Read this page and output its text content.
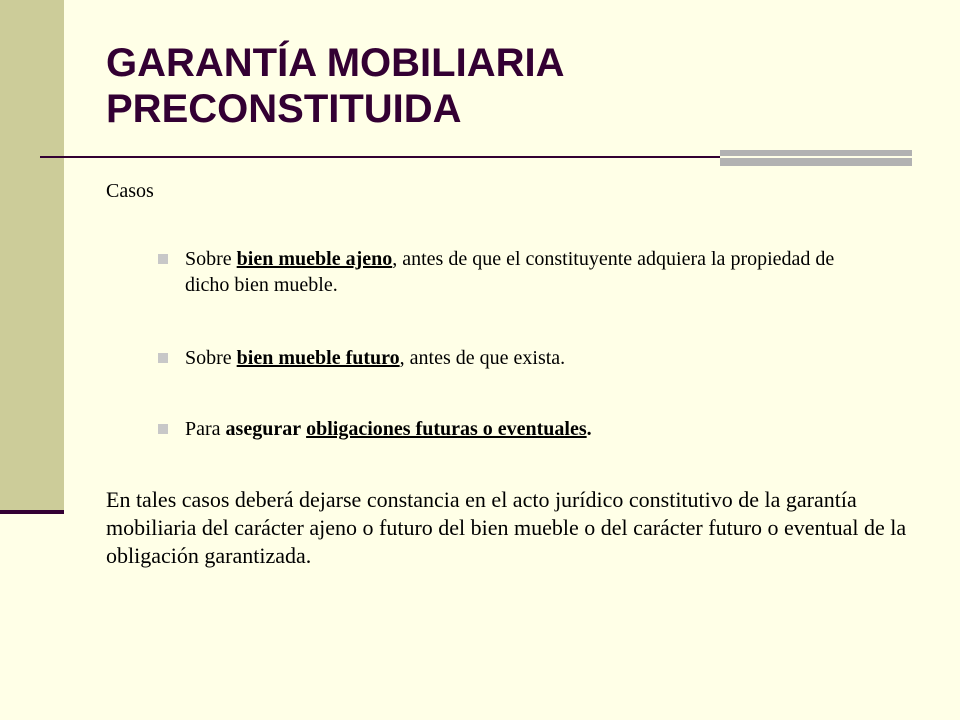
GARANTÍA MOBILIARIA
PRECONSTITUIDA
Casos
Sobre bien mueble ajeno, antes de que el constituyente adquiera la propiedad de dicho bien mueble.
Sobre bien mueble futuro, antes de que exista.
Para asegurar obligaciones futuras o eventuales.
En tales casos deberá dejarse constancia en el acto jurídico constitutivo de la garantía mobiliaria del carácter ajeno o futuro del bien mueble o del carácter futuro o eventual de la obligación garantizada.
